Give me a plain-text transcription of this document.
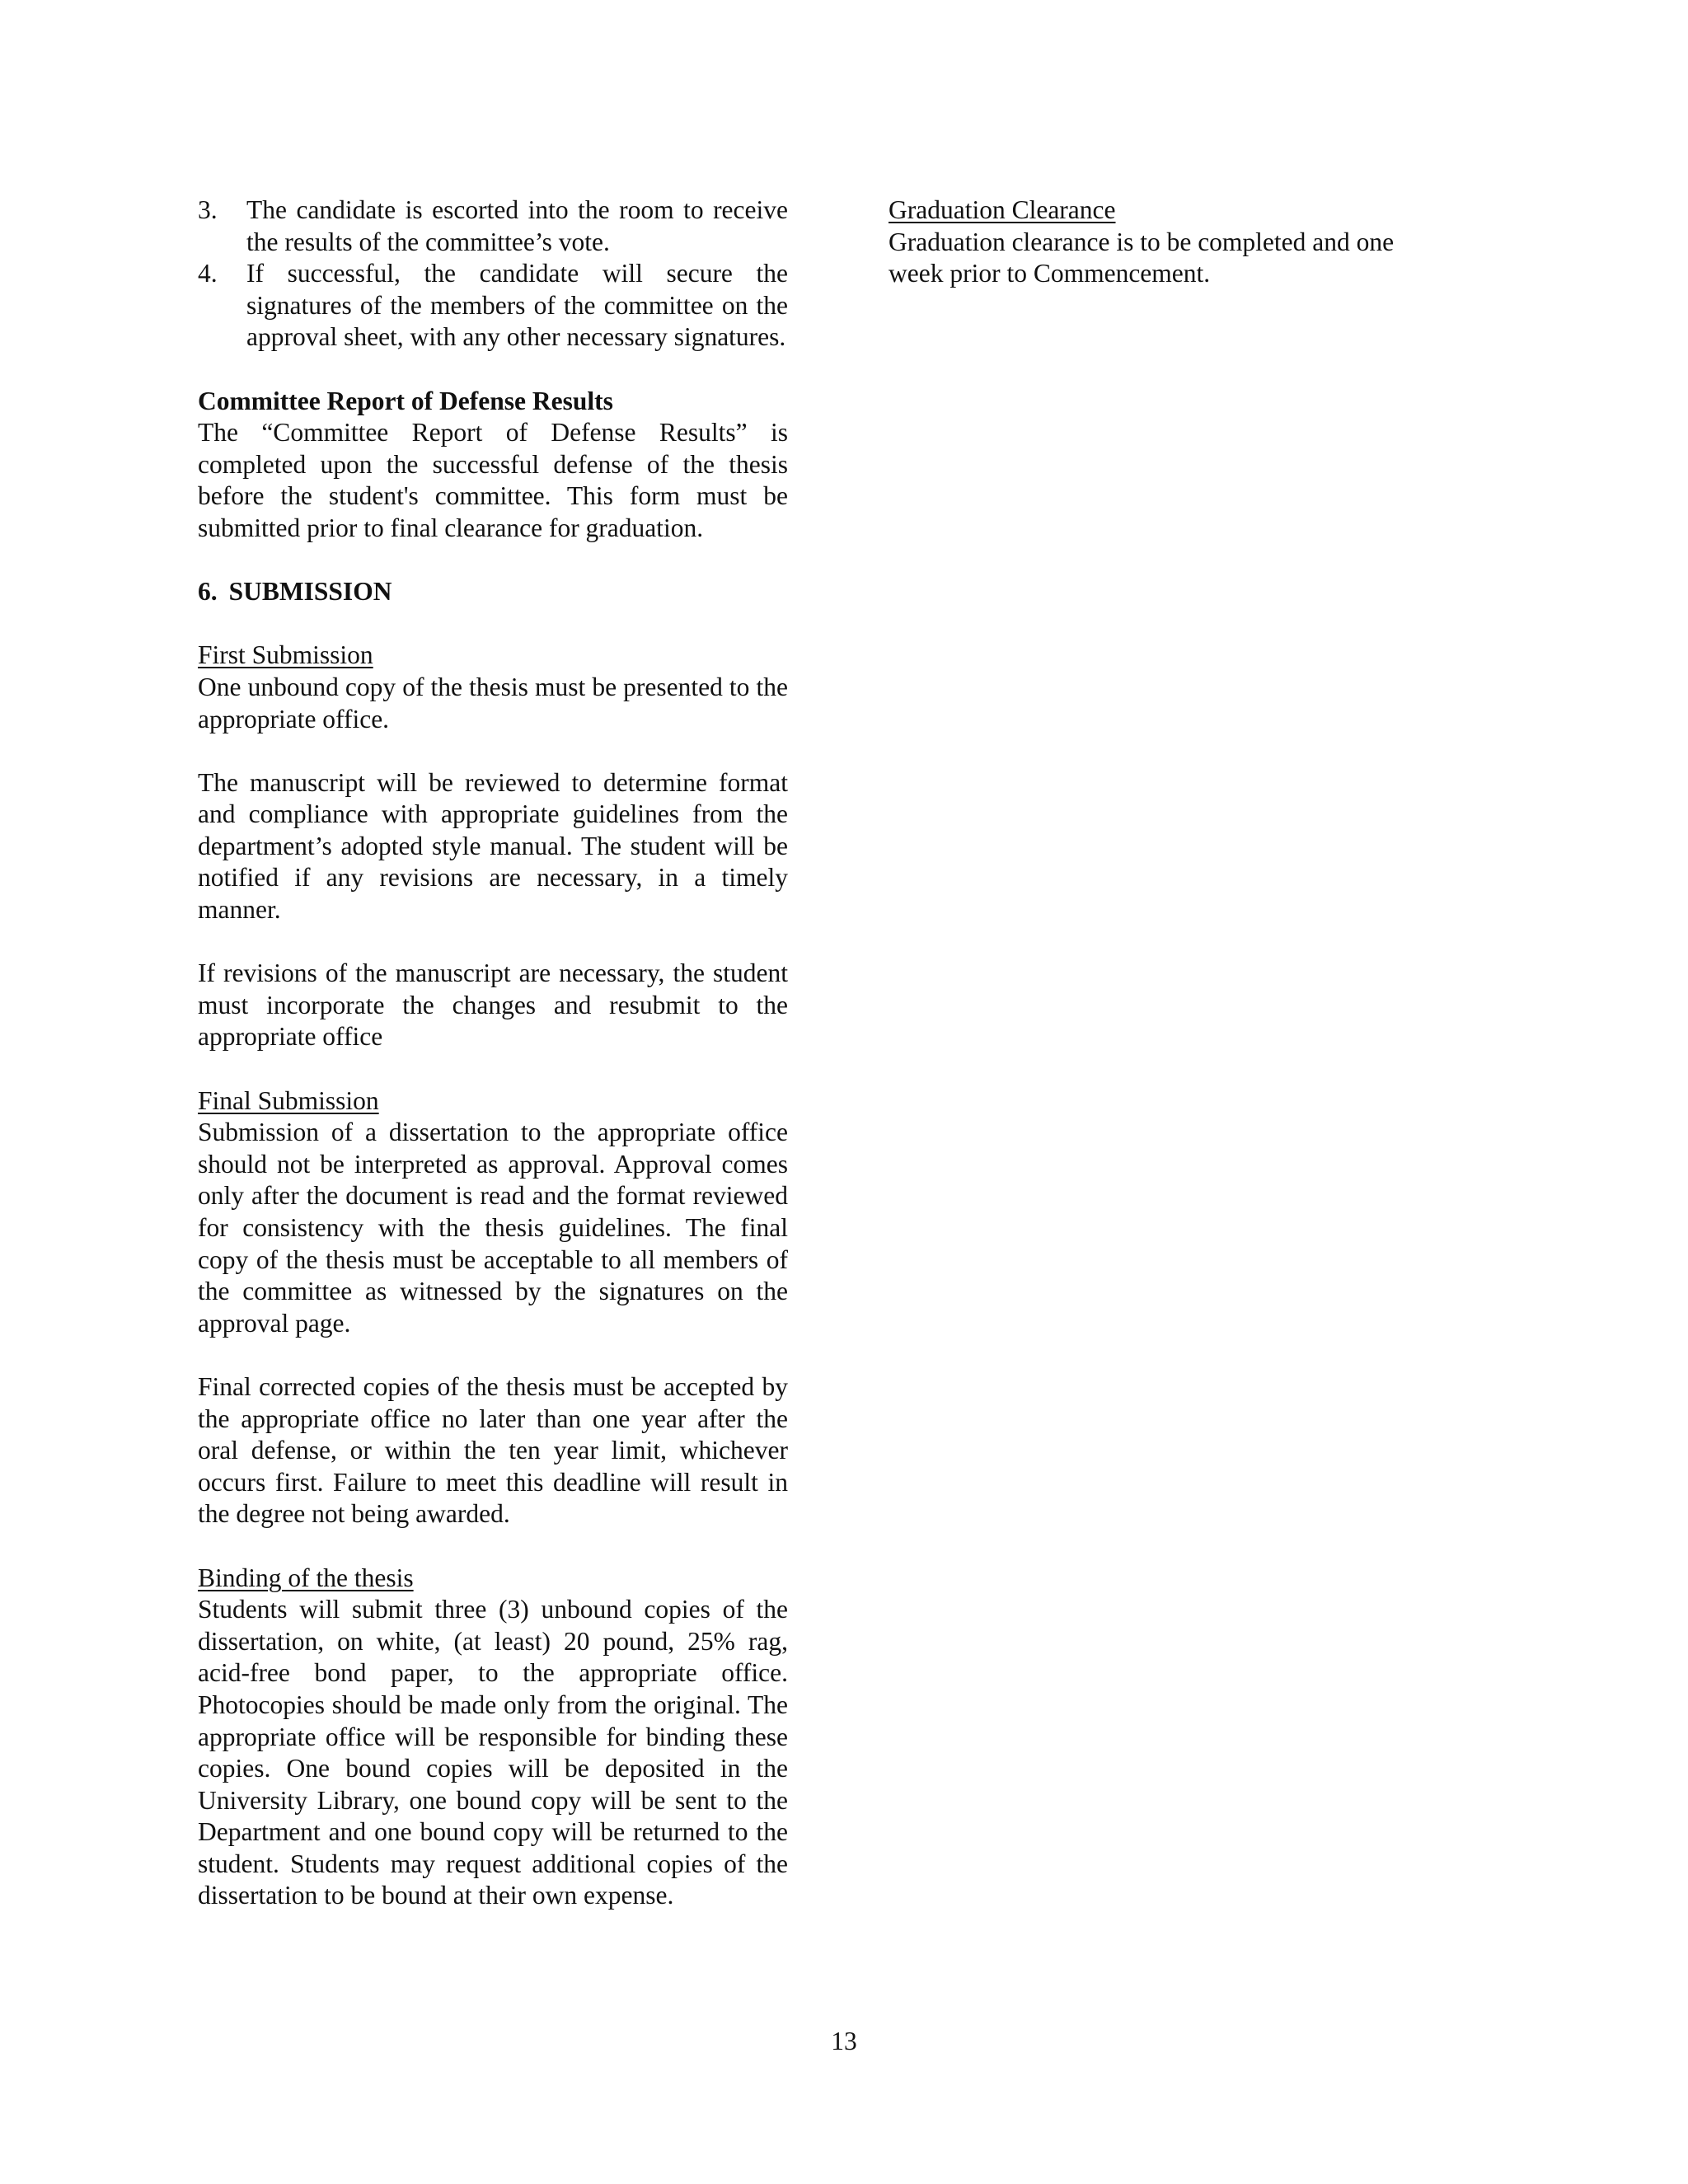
3.	The candidate is escorted into the room to receive the results of the committee’s vote.
4.	If successful, the candidate will secure the signatures of the members of the committee on the approval sheet, with any other necessary signatures.

Committee Report of Defense Results

The “Committee Report of Defense Results” is completed upon the successful defense of the thesis before the student's committee. This form must be submitted prior to final clearance for graduation.

6. SUBMISSION

First Submission

One unbound copy of the thesis must be presented to the appropriate office.

The manuscript will be reviewed to determine format and compliance with appropriate guidelines from the department’s adopted style manual. The student will be notified if any revisions are necessary, in a timely manner.

If revisions of the manuscript are necessary, the student must incorporate the changes and resubmit to the appropriate office

Final Submission

Submission of a dissertation to the appropriate office should not be interpreted as approval. Approval comes only after the document is read and the format reviewed for consistency with the thesis guidelines. The final copy of the thesis must be acceptable to all members of the committee as witnessed by the signatures on the approval page.

Final corrected copies of the thesis must be accepted by the appropriate office no later than one year after the oral defense, or within the ten year limit, whichever occurs first. Failure to meet this deadline will result in the degree not being awarded.

Binding of the thesis

Students will submit three (3) unbound copies of the dissertation, on white, (at least) 20 pound, 25% rag, acid-free bond paper, to the appropriate office. Photocopies should be made only from the original. The appropriate office will be responsible for binding these copies. One bound copies will be deposited in the University Library, one bound copy will be sent to the Department and one bound copy will be returned to the student. Students may request additional copies of the dissertation to be bound at their own expense.

Graduation Clearance

Graduation clearance is to be completed and one

week prior to Commencement.

13
